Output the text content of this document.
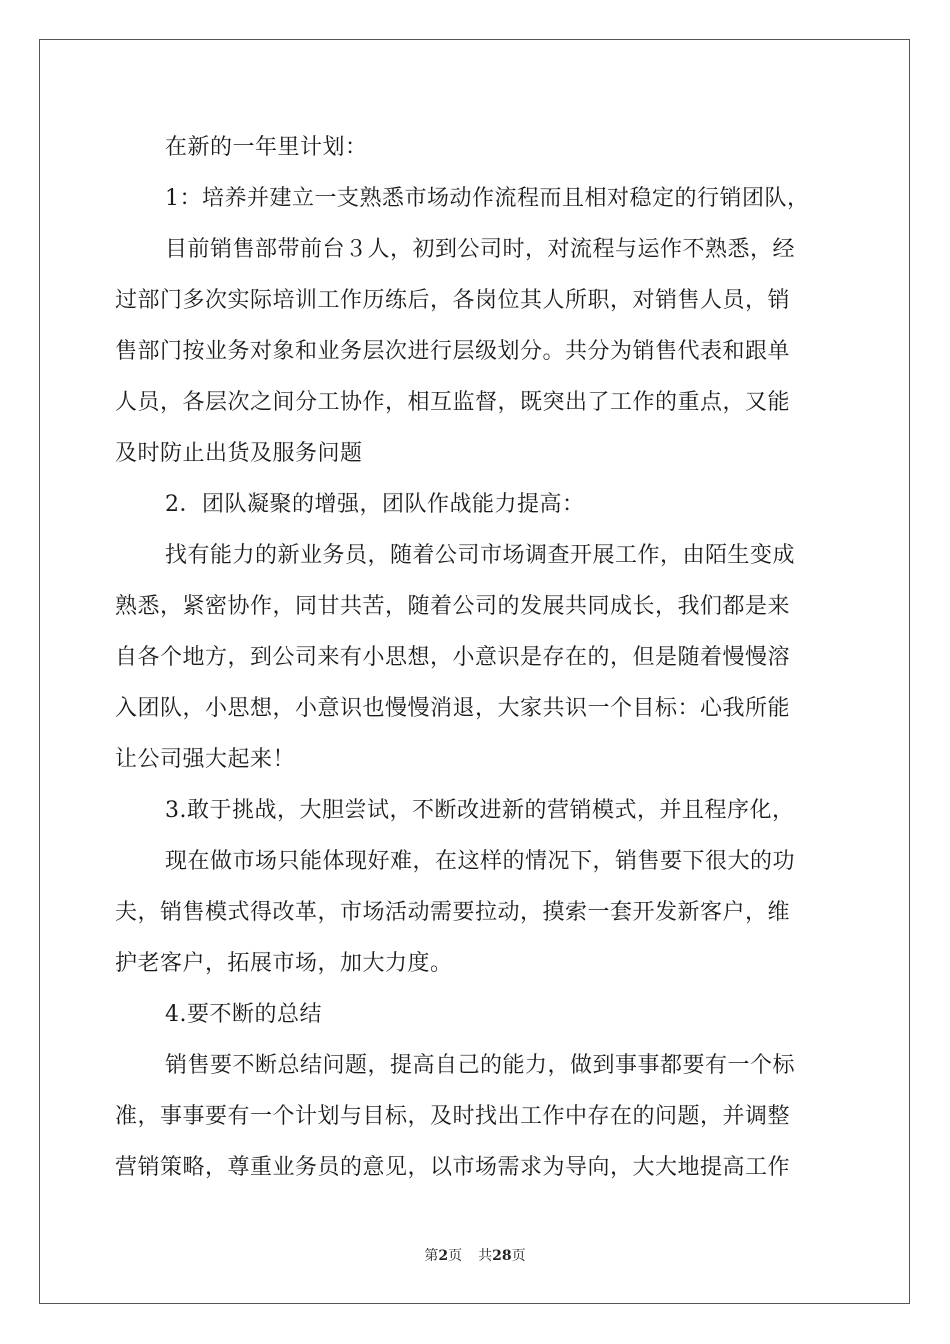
在新的一年里计划：
1：培养并建立一支熟悉市场动作流程而且相对稳定的行销团队，
目前销售部带前台３人，初到公司时，对流程与运作不熟悉，经
过部门多次实际培训工作历练后，各岗位其人所职，对销售人员，销
售部门按业务对象和业务层次进行层级划分。共分为销售代表和跟单
人员，各层次之间分工协作，相互监督，既突出了工作的重点，又能
及时防止出货及服务问题
2．团队凝聚的增强，团队作战能力提高：
找有能力的新业务员，随着公司市场调查开展工作，由陌生变成
熟悉，紧密协作，同甘共苦，随着公司的发展共同成长，我们都是来
自各个地方，到公司来有小思想，小意识是存在的，但是随着慢慢溶
入团队，小思想，小意识也慢慢消退，大家共识一个目标：心我所能
让公司强大起来！
3.敢于挑战，大胆尝试，不断改进新的营销模式，并且程序化，
现在做市场只能体现好难，在这样的情况下，销售要下很大的功
夫，销售模式得改革，市场活动需要拉动，摸索一套开发新客户，维
护老客户，拓展市场，加大力度。
4.要不断的总结
销售要不断总结问题，提高自己的能力，做到事事都要有一个标
准，事事要有一个计划与目标，及时找出工作中存在的问题，并调整
营销策略，尊重业务员的意见，以市场需求为导向，大大地提高工作
第2页 共28页
